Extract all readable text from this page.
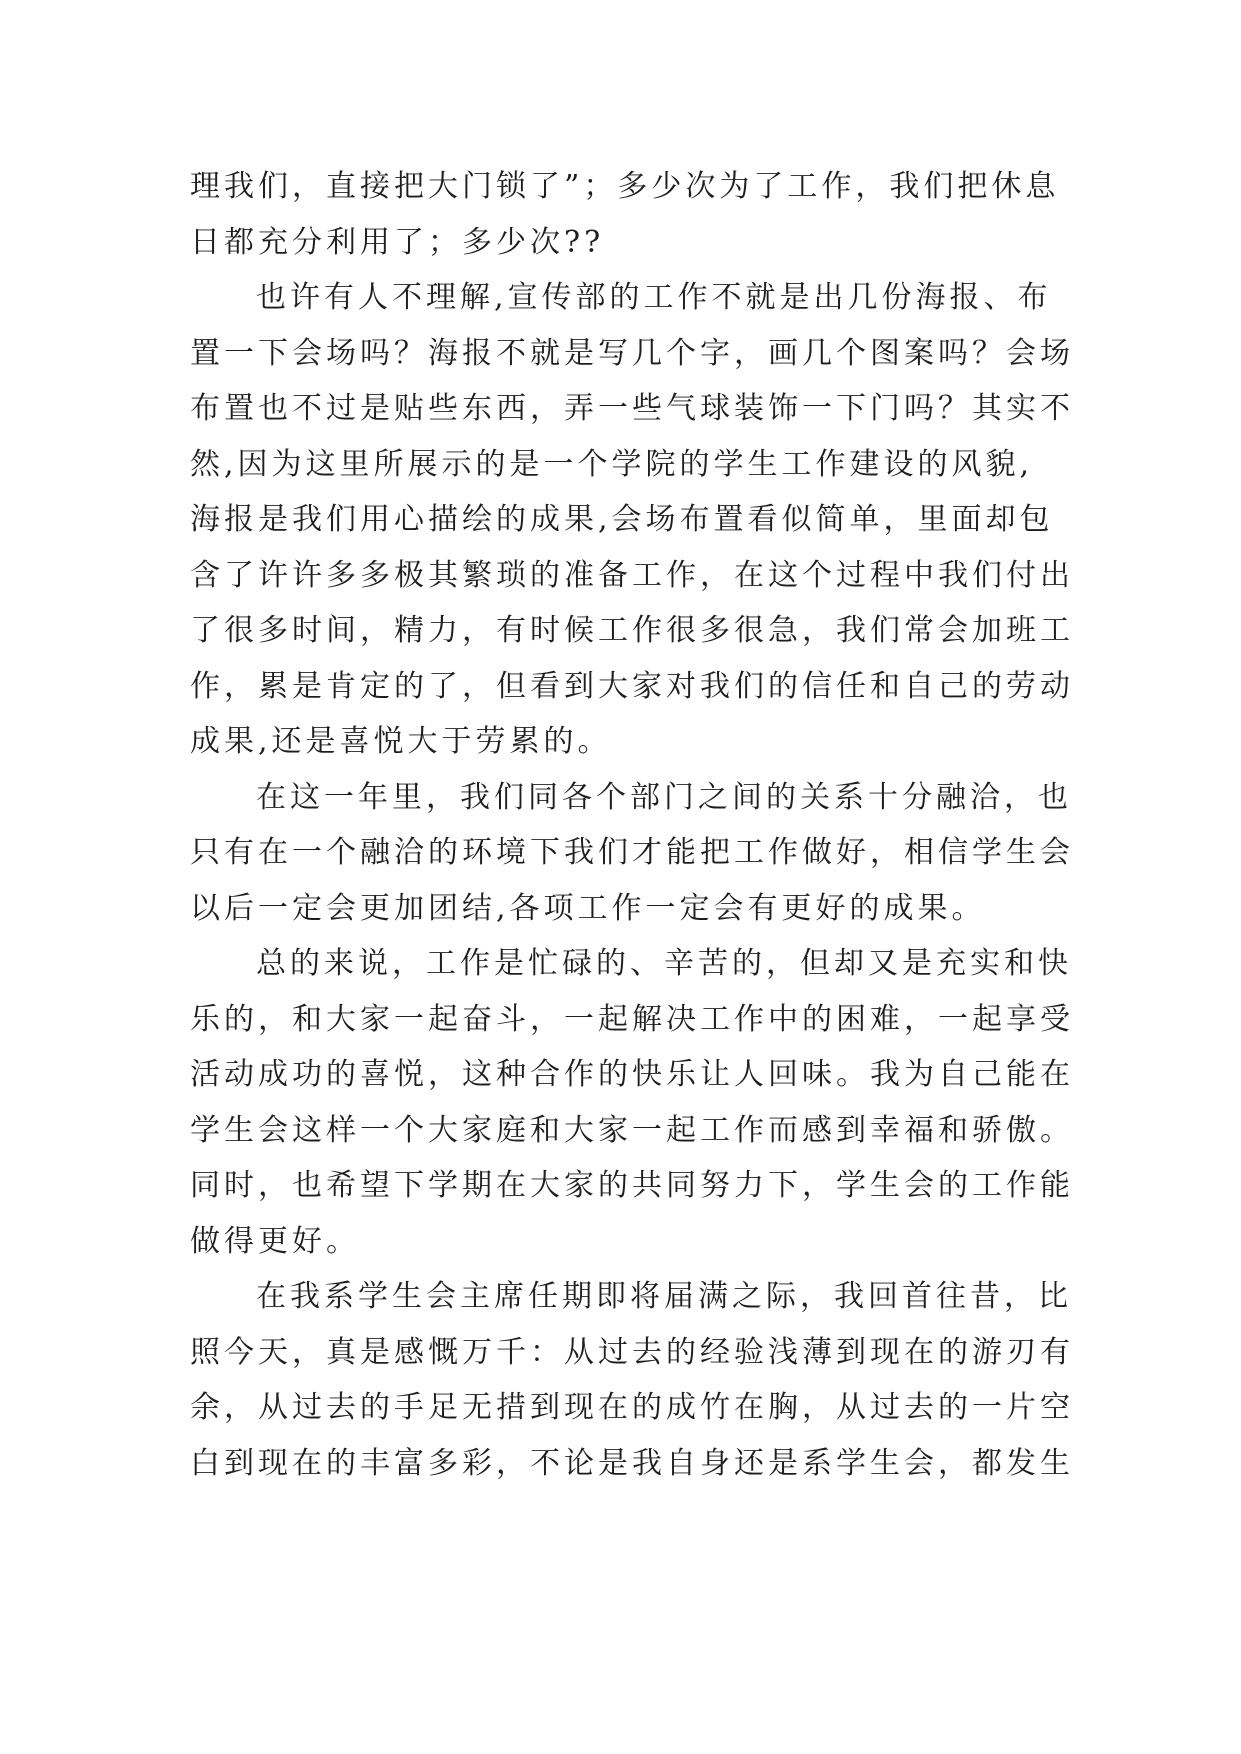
理我们，直接把大门锁了”；多少次为了工作，我们把休息
日都充分利用了；多少次??
也许有人不理解,宣传部的工作不就是出几份海报、布
置一下会场吗？海报不就是写几个字，画几个图案吗？会场
布置也不过是贴些东西，弄一些气球装饰一下门吗？其实不
然,因为这里所展示的是一个学院的学生工作建设的风貌,
海报是我们用心描绘的成果,会场布置看似简单，里面却包
含了许许多多极其繁琐的准备工作，在这个过程中我们付出
了很多时间，精力，有时候工作很多很急，我们常会加班工
作，累是肯定的了，但看到大家对我们的信任和自己的劳动
成果,还是喜悦大于劳累的。
在这一年里，我们同各个部门之间的关系十分融洽，也
只有在一个融洽的环境下我们才能把工作做好，相信学生会
以后一定会更加团结,各项工作一定会有更好的成果。
总的来说，工作是忙碌的、辛苦的，但却又是充实和快
乐的，和大家一起奋斗，一起解决工作中的困难，一起享受
活动成功的喜悦，这种合作的快乐让人回味。我为自己能在
学生会这样一个大家庭和大家一起工作而感到幸福和骄傲。
同时，也希望下学期在大家的共同努力下，学生会的工作能
做得更好。
在我系学生会主席任期即将届满之际，我回首往昔，比
照今天，真是感慨万千：从过去的经验浅薄到现在的游刃有
余，从过去的手足无措到现在的成竹在胸，从过去的一片空
白到现在的丰富多彩，不论是我自身还是系学生会，都发生
